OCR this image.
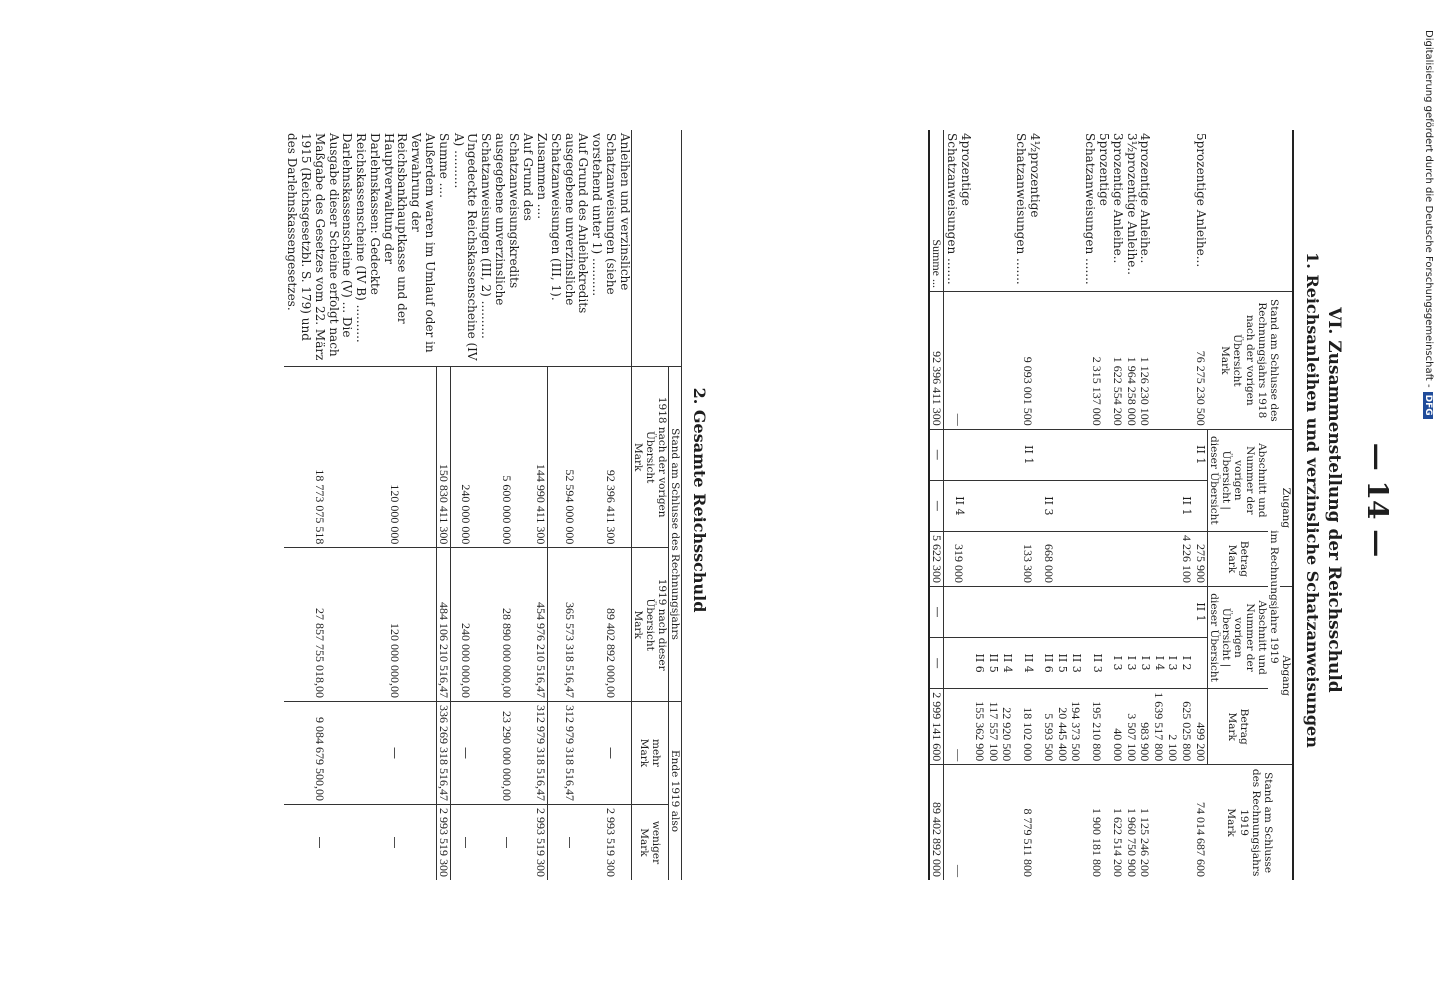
Digitalisierung gefördert durch die Deutsche Forschungsgemeinschaft -DFG
— 14 —
VI. Zusammenstellung der Reichsschuld
1. Reichsanleihen und verzinsliche Schatzanweisungen
	Stand am Schlusse des Rechnungsjahrs 1918 nach der vorigen Übersicht
Mark	Zugang			Abgang			Stand am Schlusse des Rechnungsjahrs 1919
Mark
		im Rechnungsjahre 1919						
		Abschnitt und Nummer der vorigen Übersicht | dieser Übersicht		Betrag
Mark	Abschnitt und Nummer der vorigen Übersicht | dieser Übersicht		Betrag
Mark	
5prozentige Anleihe...	76 275 230 500	II 1		275 900	II 1		499 200	74 014 687 600
			II 1	4 226 100		I 2	625 025 800	
						I 3	2 100	
						I 4	1 639 517 800	
4prozentige Anleihe..	1 126 230 100					I 3	983 900	1 125 246 200
3½prozentige Anleihe..	1 964 258 000					I 3	3 507 100	1 960 750 900
3prozentige Anleihe..	1 622 554 200					I 3	40 000	1 622 514 200
5prozentige Schatzanweisungen .......	2 315 137 000					II 3	195 210 800	1 900 181 800
						II 3	194 373 500	
						II 5	20 445 400	
			II 3	668 000		II 6	5 593 500	
4½prozentige Schatzanweisungen .......	9 093 001 500	II 1		133 300		II 4	18 102 000	8 779 511 800
						II 4	22 920 500	
						II 5	117 557 100	
						II 6	155 362 900	
4prozentige Schatzanweisungen .......	—		II 4	319 000			—	—
Summe ...	92 396 411 300	—	—	5 622 300	—	—	2 999 141 600	89 402 892 000
2. Gesamte Reichsschuld
	Stand am Schlusse des Rechnungsjahrs		Ende 1919 also	
	1918 nach der vorigen Übersicht
Mark	1919 nach dieser Übersicht
Mark	mehr
Mark	weniger
Mark
Anleihen und verzinsliche Schatzanweisungen (siehe vorstehend unter 1) ..........	92 396 411 300	89 402 892 000,00	—	2 993 519 300
Auf Grund des Anleihekredits ausgegebene unverzinsliche Schatzanweisungen (III, 1).	52 594 000 000	365 573 318 516,47	312 979 318 516,47	—
Zusammen ....	144 990 411 300	454 976 210 516,47	312 979 318 516,47	2 993 519 300
Auf Grund des Schatzanweisungskredits ausgegebene unverzinsliche Schatzanweisungen (III, 2) ..........	5 600 000 000	28 890 000 000,00	23 290 000 000,00	—
Ungedeckte Reichskassenscheine (IV A) ..........	240 000 000	240 000 000,00	—	—
Summe ....	150 830 411 300	484 106 210 516,47	336 269 318 516,47	2 993 519 300
Außerdem waren im Umlauf oder in Verwahrung der Reichsbankhauptkasse und der Hauptverwaltung der Darlehnskassen: Gedeckte Reichskassenscheine (IV B) ..........	120 000 000	120 000 000,00	—	—
Darlehnskassenscheine (V) ... Die Ausgabe dieser Scheine erfolgt nach Maßgabe des Gesetzes vom 22. März 1915 (Reichsgesetzbl. S. 179) und des Darlehnskassengesetzes.	18 773 075 518	27 857 755 018,00	9 084 679 500,00	—
